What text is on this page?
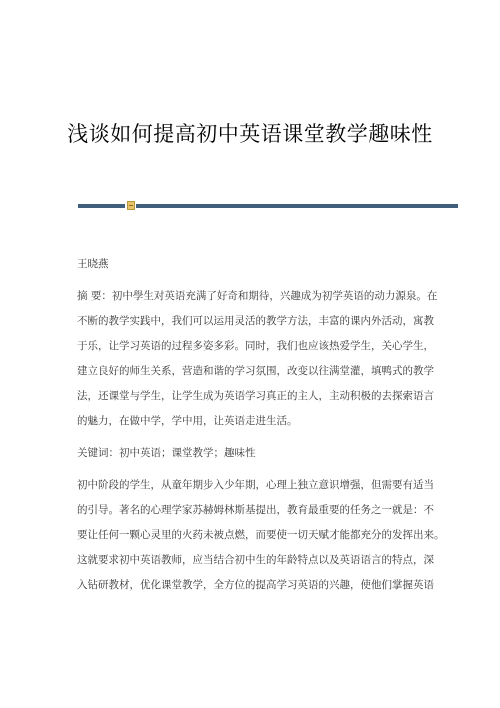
浅谈如何提高初中英语课堂教学趣味性
王晓燕
摘 要：初中學生对英语充满了好奇和期待，兴趣成为初学英语的动力源泉。在
不断的教学实践中，我们可以运用灵活的教学方法，丰富的课内外活动，寓教
于乐，让学习英语的过程多姿多彩。同时，我们也应该热爱学生，关心学生，
建立良好的师生关系，营造和谐的学习氛围，改变以往满堂灌，填鸭式的教学
法，还课堂与学生，让学生成为英语学习真正的主人，主动积极的去探索语言
的魅力，在做中学，学中用，让英语走进生活。
关键词：初中英语；课堂教学；趣味性
初中阶段的学生，从童年期步入少年期，心理上独立意识增强，但需要有适当
的引导。著名的心理学家苏赫姆林斯基提出，教育最重要的任务之一就是：不
要让任何一颗心灵里的火药未被点燃，而要使一切天赋才能都充分的发挥出来。
这就要求初中英语教师，应当结合初中生的年龄特点以及英语语言的特点，深
入钻研教材，优化课堂教学，全方位的提高学习英语的兴趣，使他们掌握英语
